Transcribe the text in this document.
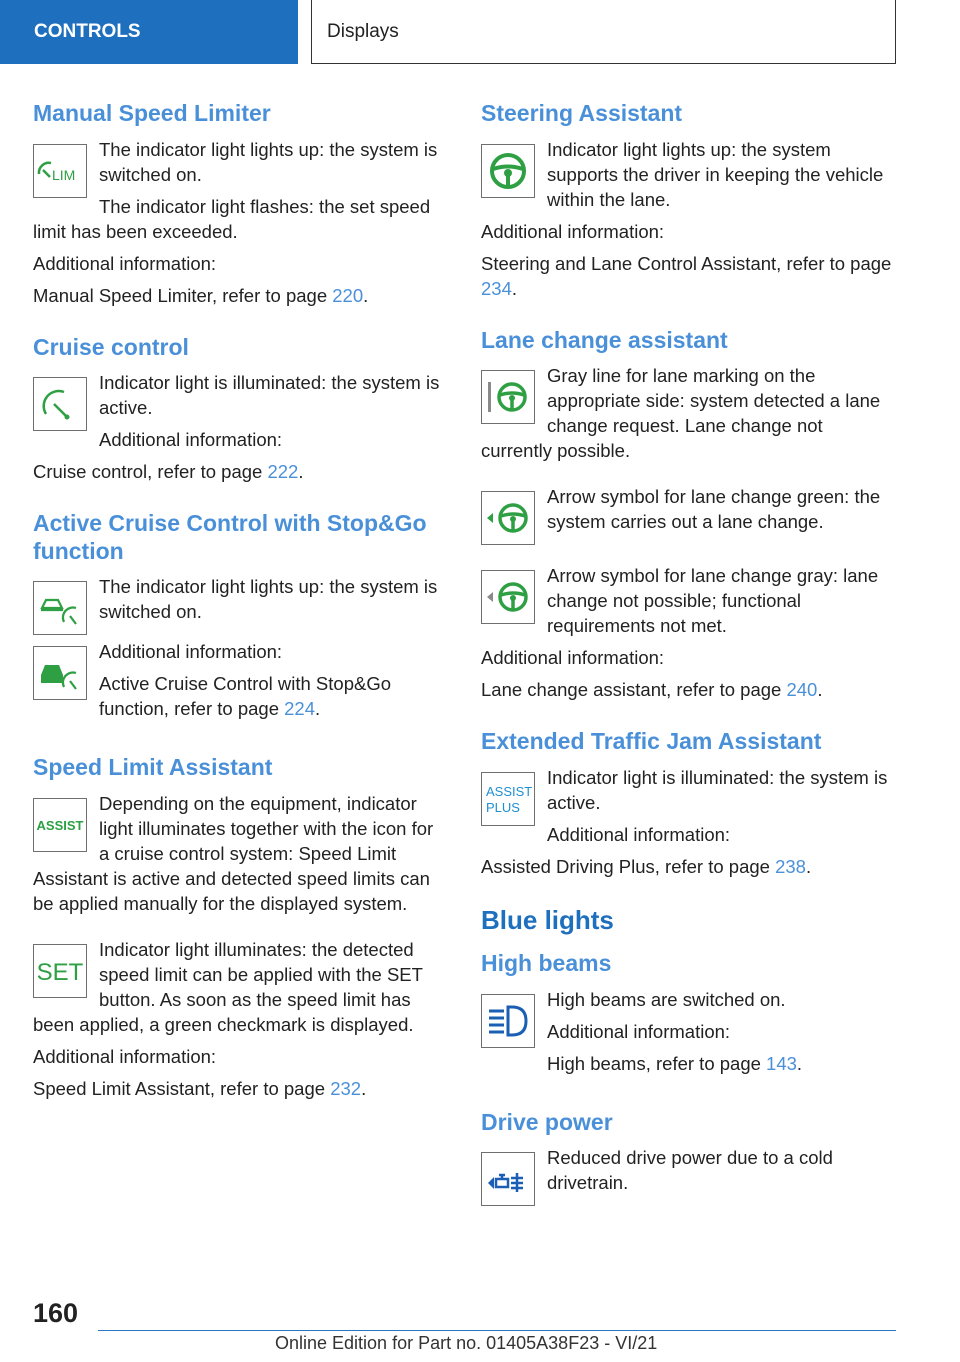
CONTROLS	Displays
Manual Speed Limiter
LIM

The indicator light lights up: the system is switched on.

The indicator light flashes: the set speed limit has been exceeded.

Additional information:

Manual Speed Limiter, refer to page 220.

Cruise control

Indicator light is illuminated: the system is active.

Additional information:

Cruise control, refer to page 222.

Active Cruise Control with Stop&Go function

The indicator light lights up: the system is switched on.

Additional information:

Active Cruise Control with Stop&Go function, refer to page 224.

Speed Limit Assistant
ASSIST

Depending on the equipment, indicator light illuminates together with the icon for a cruise control system: Speed Limit Assistant is active and detected speed limits can be applied manually for the displayed system.

SET

Indicator light illuminates: the detected speed limit can be applied with the SET button. As soon as the speed limit has been applied, a green checkmark is displayed.

Additional information:

Speed Limit Assistant, refer to page 232.

Steering Assistant

Indicator light lights up: the system supports the driver in keeping the vehicle within the lane.

Additional information:

Steering and Lane Control Assistant, refer to page 234.

Lane change assistant

Gray line for lane marking on the appropriate side: system detected a lane change request. Lane change not currently possible.

Arrow symbol for lane change green: the system carries out a lane change.

Arrow symbol for lane change gray: lane change not possible; functional requirements not met.

Additional information:

Lane change assistant, refer to page 240.

Extended Traffic Jam Assistant
ASSIST
PLUS

Indicator light is illuminated: the system is active.

Additional information:

Assisted Driving Plus, refer to page 238.

Blue lights
High beams

High beams are switched on.

Additional information:

High beams, refer to page 143.

Drive power

Reduced drive power due to a cold drivetrain.

160
Online Edition for Part no. 01405A38F23 - VI/21
